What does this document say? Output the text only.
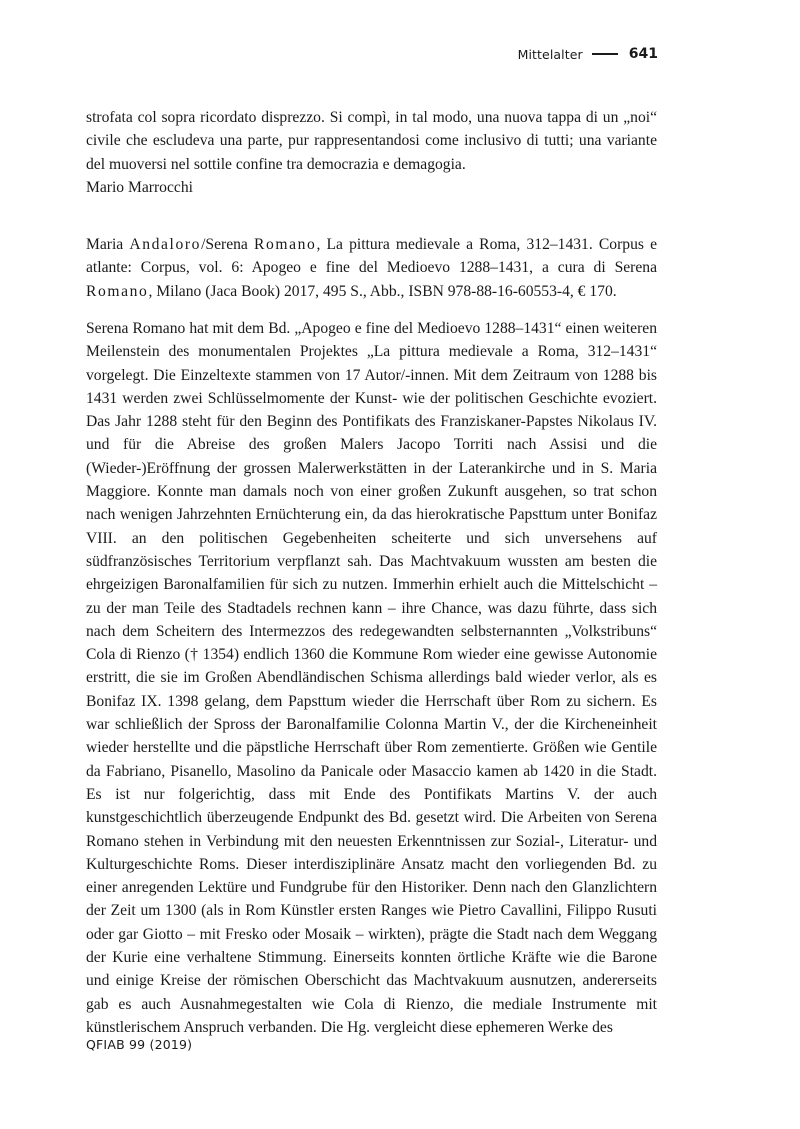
Mittelalter	641

strofata col sopra ricordato disprezzo. Si compì, in tal modo, una nuova tappa di un „noi“ civile che escludeva una parte, pur rappresentandosi come inclusivo di tutti; una variante del muoversi nel sottile confine tra democrazia e demagogia.

Mario Marrocchi

Maria Andaloro/Serena Romano, La pittura medievale a Roma, 312–1431. Corpus e atlante: Corpus, vol. 6: Apogeo e fine del Medioevo 1288–1431, a cura di Serena Romano, Milano (Jaca Book) 2017, 495 S., Abb., ISBN 978-88-16-60553-4, € 170.

Serena Romano hat mit dem Bd. „Apogeo e fine del Medioevo 1288–1431“ einen weiteren Meilenstein des monumentalen Projektes „La pittura medievale a Roma, 312–1431“ vorgelegt. Die Einzeltexte stammen von 17 Autor/-innen. Mit dem Zeitraum von 1288 bis 1431 werden zwei Schlüsselmomente der Kunst- wie der politischen Geschichte evoziert. Das Jahr 1288 steht für den Beginn des Pontifikats des Franziskaner-Papstes Nikolaus IV. und für die Abreise des großen Malers Jacopo Torriti nach Assisi und die (Wieder-)Eröffnung der grossen Malerwerkstätten in der Laterankirche und in S. Maria Maggiore. Konnte man damals noch von einer großen Zukunft ausgehen, so trat schon nach wenigen Jahrzehnten Ernüchterung ein, da das hierokratische Papsttum unter Bonifaz VIII. an den politischen Gegebenheiten scheiterte und sich unversehens auf südfranzösisches Territorium verpflanzt sah. Das Machtvakuum wussten am besten die ehrgeizigen Baronalfamilien für sich zu nutzen. Immerhin erhielt auch die Mittelschicht – zu der man Teile des Stadtadels rechnen kann – ihre Chance, was dazu führte, dass sich nach dem Scheitern des Intermezzos des redegewandten selbsternannten „Volkstribuns“ Cola di Rienzo († 1354) endlich 1360 die Kommune Rom wieder eine gewisse Autonomie erstritt, die sie im Großen Abendländischen Schisma allerdings bald wieder verlor, als es Bonifaz IX. 1398 gelang, dem Papsttum wieder die Herrschaft über Rom zu sichern. Es war schließlich der Spross der Baronalfamilie Colonna Martin V., der die Kircheneinheit wieder herstellte und die päpstliche Herrschaft über Rom zementierte. Größen wie Gentile da Fabriano, Pisanello, Masolino da Panicale oder Masaccio kamen ab 1420 in die Stadt. Es ist nur folgerichtig, dass mit Ende des Pontifikats Martins V. der auch kunstgeschichtlich überzeugende Endpunkt des Bd. gesetzt wird. Die Arbeiten von Serena Romano stehen in Verbindung mit den neuesten Erkenntnissen zur Sozial-, Literatur- und Kulturgeschichte Roms. Dieser interdisziplinäre Ansatz macht den vorliegenden Bd. zu einer anregenden Lektüre und Fundgrube für den Historiker. Denn nach den Glanzlichtern der Zeit um 1300 (als in Rom Künstler ersten Ranges wie Pietro Cavallini, Filippo Rusuti oder gar Giotto – mit Fresko oder Mosaik – wirkten), prägte die Stadt nach dem Weggang der Kurie eine verhaltene Stimmung. Einerseits konnten örtliche Kräfte wie die Barone und einige Kreise der römischen Oberschicht das Machtvakuum ausnutzen, andererseits gab es auch Ausnahmegestalten wie Cola di Rienzo, die mediale Instrumente mit künstlerischem Anspruch verbanden. Die Hg. vergleicht diese ephemeren Werke des

QFIAB 99 (2019)
